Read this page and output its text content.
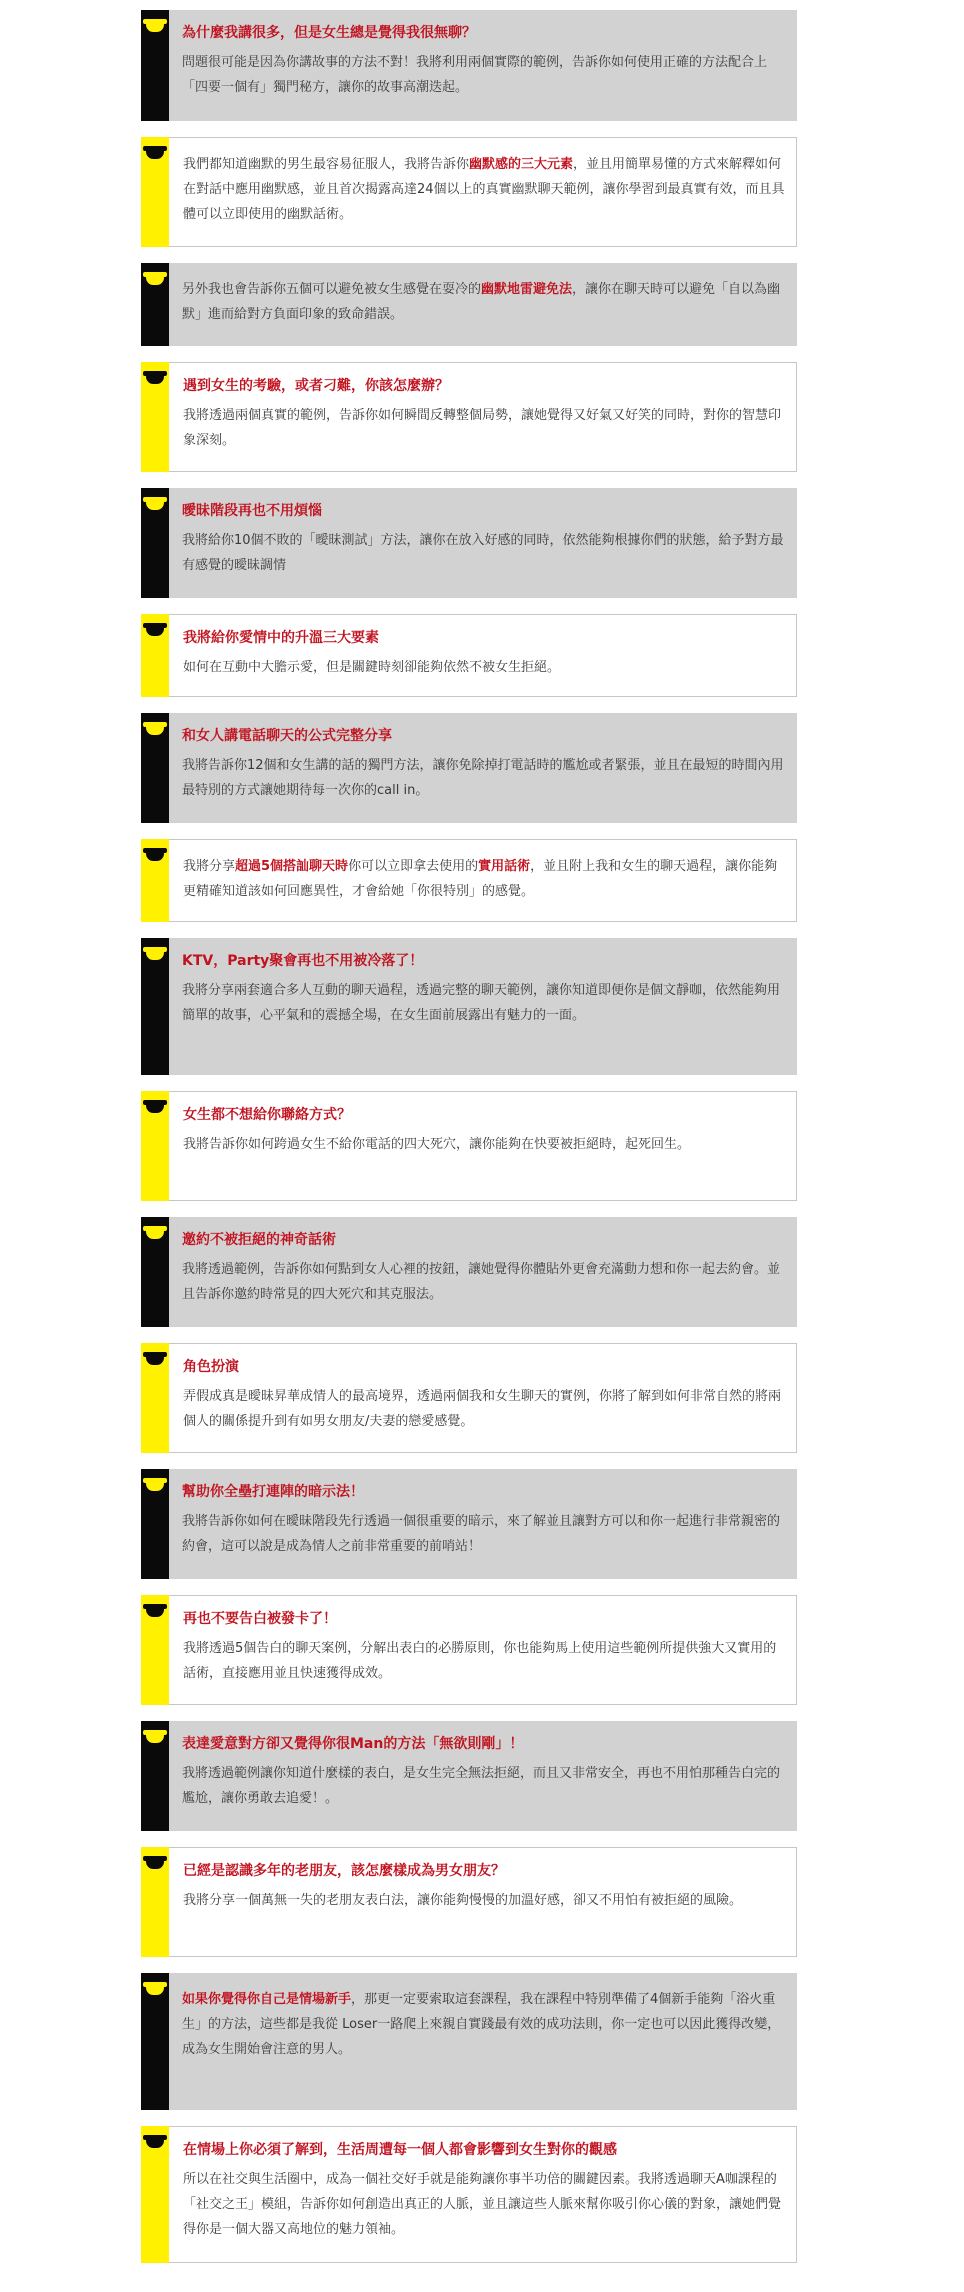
為什麼我講很多，但是女生總是覺得我很無聊？
問題很可能是因為你講故事的方法不對！我將利用兩個實際的範例，告訴你如何使用正確的方法配合上「四要一個有」獨門秘方，讓你的故事高潮迭起。
我們都知道幽默的男生最容易征服人，我將告訴你幽默感的三大元素，並且用簡單易懂的方式來解釋如何在對話中應用幽默感，並且首次揭露高達24個以上的真實幽默聊天範例，讓你學習到最真實有效，而且具體可以立即使用的幽默話術。
另外我也會告訴你五個可以避免被女生感覺在耍冷的幽默地雷避免法，讓你在聊天時可以避免「自以為幽默」進而給對方負面印象的致命錯誤。
遇到女生的考驗，或者刁難，你該怎麼辦？
我將透過兩個真實的範例，告訴你如何瞬間反轉整個局勢，讓她覺得又好氣又好笑的同時，對你的智慧印象深刻。
曖昧階段再也不用煩惱
我將給你10個不敗的「曖昧測試」方法，讓你在放入好感的同時，依然能夠根據你們的狀態，給予對方最有感覺的曖昧調情
我將給你愛情中的升溫三大要素
如何在互動中大膽示愛，但是關鍵時刻卻能夠依然不被女生拒絕。
和女人講電話聊天的公式完整分享
我將告訴你12個和女生講的話的獨門方法，讓你免除掉打電話時的尷尬或者緊張，並且在最短的時間內用最特別的方式讓她期待每一次你的call in。
我將分享超過5個搭訕聊天時你可以立即拿去使用的實用話術，並且附上我和女生的聊天過程，讓你能夠更精確知道該如何回應異性，才會給她「你很特別」的感覺。
KTV，Party聚會再也不用被冷落了！
我將分享兩套適合多人互動的聊天過程，透過完整的聊天範例，讓你知道即便你是個文靜咖，依然能夠用簡單的故事，心平氣和的震撼全場，在女生面前展露出有魅力的一面。
女生都不想給你聯絡方式？
我將告訴你如何跨過女生不給你電話的四大死穴，讓你能夠在快要被拒絕時，起死回生。
邀約不被拒絕的神奇話術
我將透過範例，告訴你如何點到女人心裡的按鈕，讓她覺得你體貼外更會充滿動力想和你一起去約會。並且告訴你邀約時常見的四大死穴和其克服法。
角色扮演
弄假成真是曖昧昇華成情人的最高境界，透過兩個我和女生聊天的實例，你將了解到如何非常自然的將兩個人的關係提升到有如男女朋友/夫妻的戀愛感覺。
幫助你全壘打連陣的暗示法！
我將告訴你如何在曖昧階段先行透過一個很重要的暗示，來了解並且讓對方可以和你一起進行非常親密的約會，這可以說是成為情人之前非常重要的前哨站！
再也不要告白被發卡了！
我將透過5個告白的聊天案例，分解出表白的必勝原則，你也能夠馬上使用這些範例所提供強大又實用的話術，直接應用並且快速獲得成效。
表達愛意對方卻又覺得你很Man的方法「無欲則剛」！
我將透過範例讓你知道什麼樣的表白，是女生完全無法拒絕，而且又非常安全，再也不用怕那種告白完的尷尬，讓你勇敢去追愛！。
已經是認識多年的老朋友，該怎麼樣成為男女朋友？
我將分享一個萬無一失的老朋友表白法，讓你能夠慢慢的加溫好感，卻又不用怕有被拒絕的風險。
如果你覺得你自己是情場新手，那更一定要索取這套課程，我在課程中特別準備了4個新手能夠「浴火重生」的方法，這些都是我從 Loser一路爬上來親自實踐最有效的成功法則，你一定也可以因此獲得改變，成為女生開始會注意的男人。
在情場上你必須了解到，生活周遭每一個人都會影響到女生對你的觀感
所以在社交與生活圈中，成為一個社交好手就是能夠讓你事半功倍的關鍵因素。我將透過聊天A咖課程的「社交之王」模組，告訴你如何創造出真正的人脈，並且讓這些人脈來幫你吸引你心儀的對象，讓她們覺得你是一個大器又高地位的魅力領袖。
